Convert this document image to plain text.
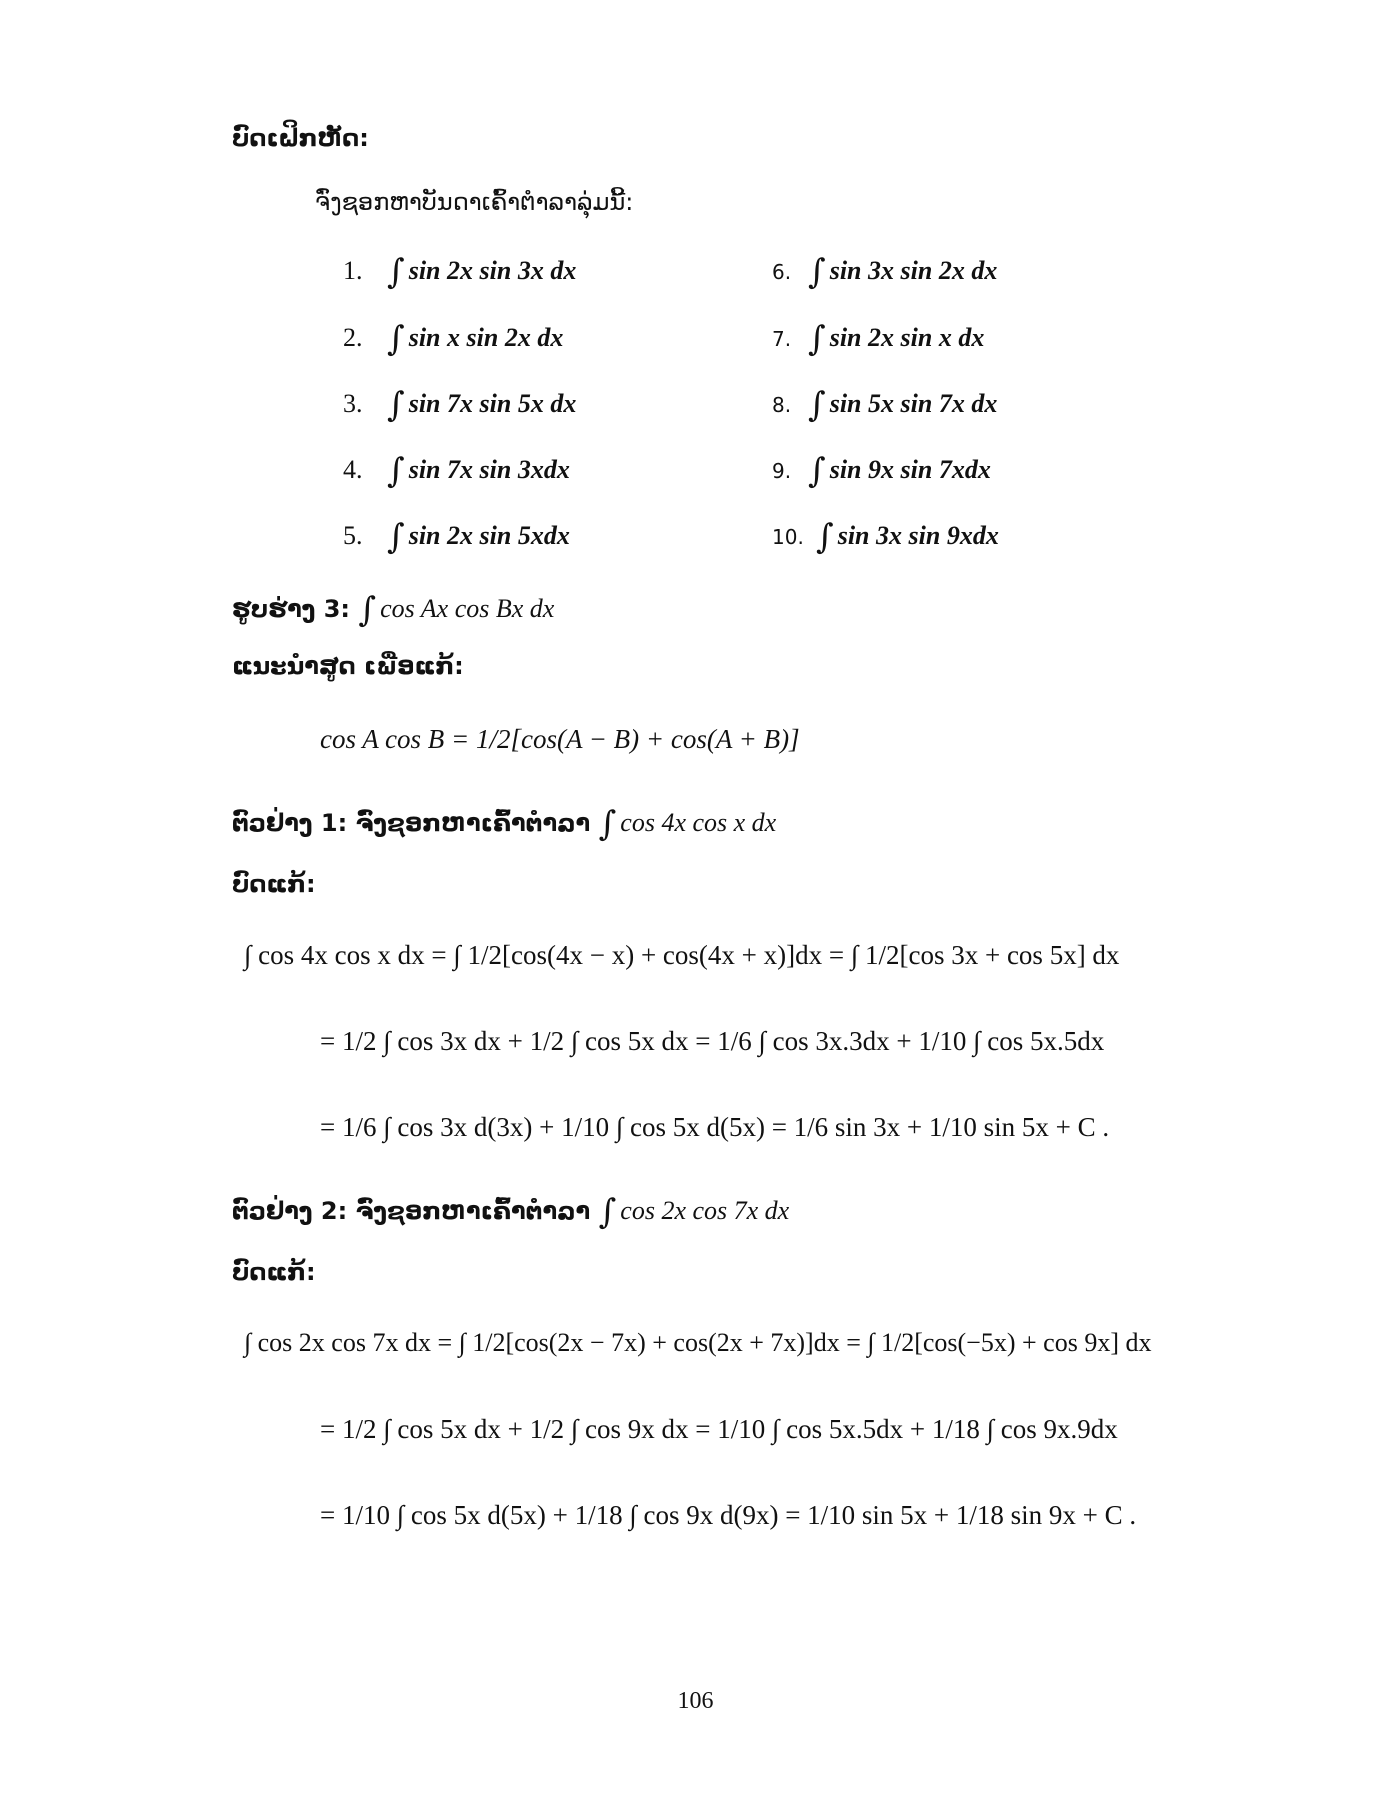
ບົດເຝິກຫັດ:
ຈົ່ງຊອກຫາບັນດາເຄົ້າຕຳລາລຸ່ມນີ້:
1. ∫ sin 2x sin 3x dx
2. ∫ sin x sin 2x dx
3. ∫ sin 7x sin 5x dx
4. ∫ sin 7x sin 3xdx
5. ∫ sin 2x sin 5xdx
6. ∫ sin 3x sin 2x dx
7. ∫ sin 2x sin x dx
8. ∫ sin 5x sin 7x dx
9. ∫ sin 9x sin 7xdx
10. ∫ sin 3x sin 9xdx
ຮູບຮ່າງ 3: ∫ cos Ax cos Bx dx
ແນະນຳສູດ ເພື່ອແກ້:
cos A cos B = 1/2[cos(A − B) + cos(A + B)]
ຕົວຢ່າງ 1: ຈົ່ງຊອກຫາເຄົ້າຕຳລາ ∫ cos 4x cos x dx
ບົດແກ້:
∫ cos 4x cos x dx = ∫ 1/2[cos(4x − x) + cos(4x + x)]dx = ∫ 1/2[cos 3x + cos 5x] dx
= 1/2 ∫ cos 3x dx + 1/2 ∫ cos 5x dx = 1/6 ∫ cos 3x.3dx + 1/10 ∫ cos 5x.5dx
= 1/6 ∫ cos 3x d(3x) + 1/10 ∫ cos 5x d(5x) = 1/6 sin 3x + 1/10 sin 5x + C .
ຕົວຢ່າງ 2: ຈົ່ງຊອກຫາເຄົ້າຕຳລາ ∫ cos 2x cos 7x dx
ບົດແກ້:
∫ cos 2x cos 7x dx = ∫ 1/2[cos(2x − 7x) + cos(2x + 7x)]dx = ∫ 1/2[cos(−5x) + cos 9x] dx
= 1/2 ∫ cos 5x dx + 1/2 ∫ cos 9x dx = 1/10 ∫ cos 5x.5dx + 1/18 ∫ cos 9x.9dx
= 1/10 ∫ cos 5x d(5x) + 1/18 ∫ cos 9x d(9x) = 1/10 sin 5x + 1/18 sin 9x + C .
106
